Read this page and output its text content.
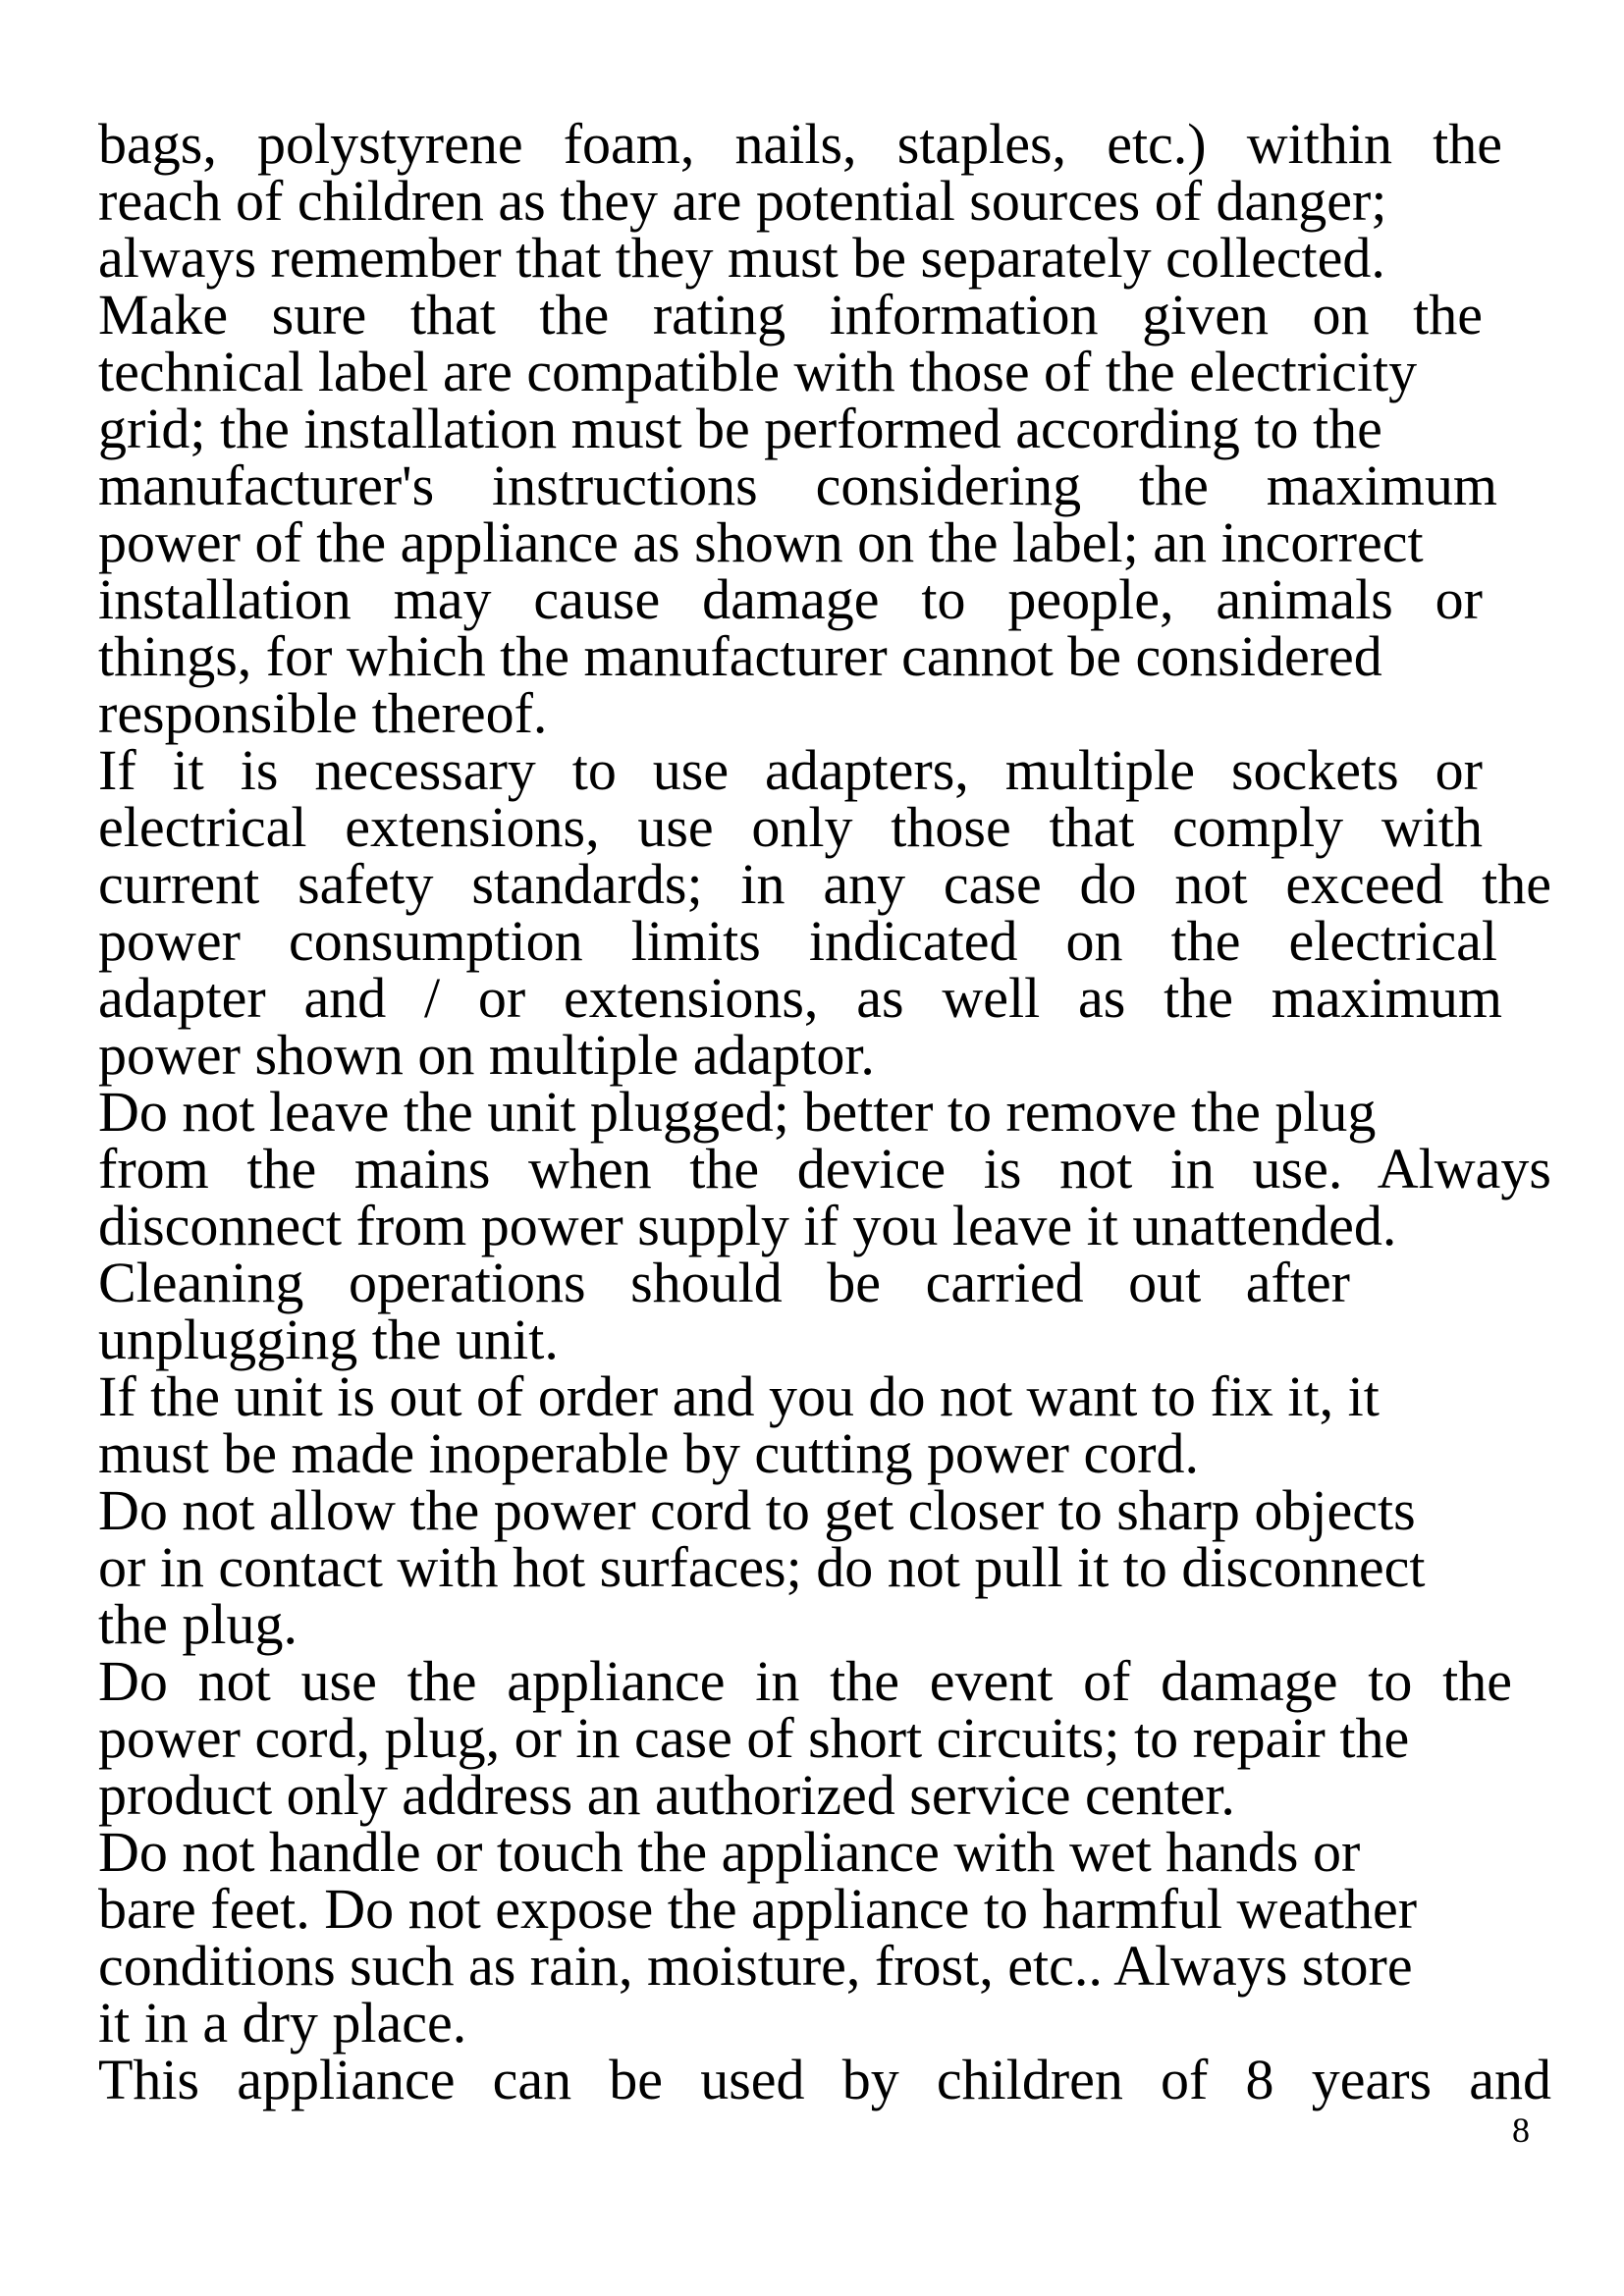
bags, polystyrene foam, nails, staples, etc.) within the
reach of children as they are potential sources of danger;
always remember that they must be separately collected.
Make sure that the rating information given on the
technical label are compatible with those of the electricity
grid; the installation must be performed according to the
manufacturer's instructions considering the maximum
power of the appliance as shown on the label; an incorrect
installation may cause damage to people, animals or
things, for which the manufacturer cannot be considered
responsible thereof.
If it is necessary to use adapters, multiple sockets or
electrical extensions, use only those that comply with
current safety standards; in any case do not exceed the
power consumption limits indicated on the electrical
adapter and / or extensions, as well as the maximum
power shown on multiple adaptor.
Do not leave the unit plugged; better to remove the plug
from the mains when the device is not in use. Always
disconnect from power supply if you leave it unattended.
Cleaning operations should be carried out after
unplugging the unit.
If the unit is out of order and you do not want to fix it, it
must be made inoperable by cutting power cord.
Do not allow the power cord to get closer to sharp objects
or in contact with hot surfaces; do not pull it to disconnect
the plug.
Do not use the appliance in the event of damage to the
power cord, plug, or in case of short circuits; to repair the
product only address an authorized service center.
Do not handle or touch the appliance with wet hands or
bare feet. Do not expose the appliance to harmful weather
conditions such as rain, moisture, frost, etc.. Always store
it in a dry place.
This appliance can be used by children of 8 years and
8
